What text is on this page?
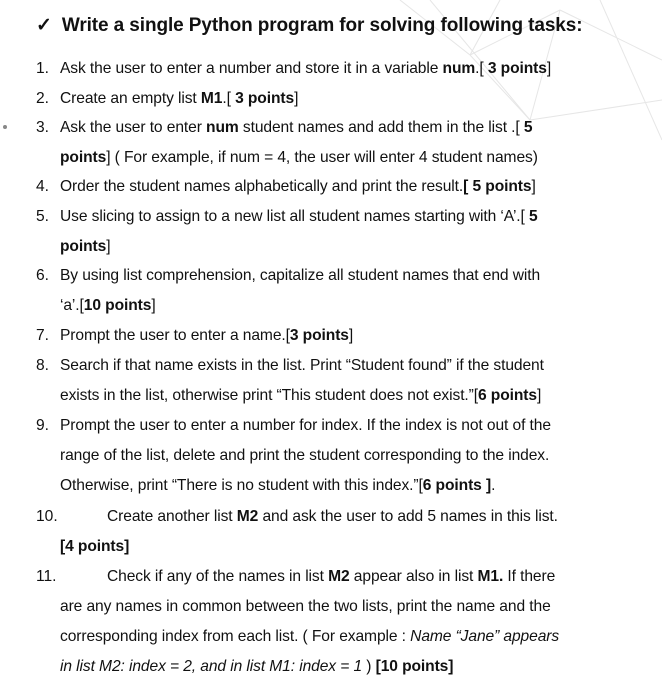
✓ Write a single Python program for solving following tasks:
1. Ask the user to enter a number and store it in a variable num.[ 3 points]
2. Create an empty list M1.[ 3 points]
3. Ask the user to enter num student names and add them in the list .[ 5
points] ( For example, if num = 4, the user will enter 4 student names)
4. Order the student names alphabetically and print the result.[ 5 points]
5. Use slicing to assign to a new list all student names starting with ‘A’.[ 5
points]
6. By using list comprehension, capitalize all student names that end with
‘a’.[10 points]
7. Prompt the user to enter a name.[3 points]
8. Search if that name exists in the list. Print “Student found” if the student
exists in the list, otherwise print “This student does not exist.”[6 points]
9. Prompt the user to enter a number for index. If the index is not out of the
range of the list, delete and print the student corresponding to the index.
Otherwise, print “There is no student with this index.”[6 points ].
10.	Create another list M2 and ask the user to add 5 names in this list.
[4 points]
11.	Check if any of the names in list M2 appear also in list M1. If there
are any names in common between the two lists, print the name and the
corresponding index from each list. ( For example : Name “Jane” appears
in list M2: index = 2, and in list M1: index = 1 ) [10 points]
